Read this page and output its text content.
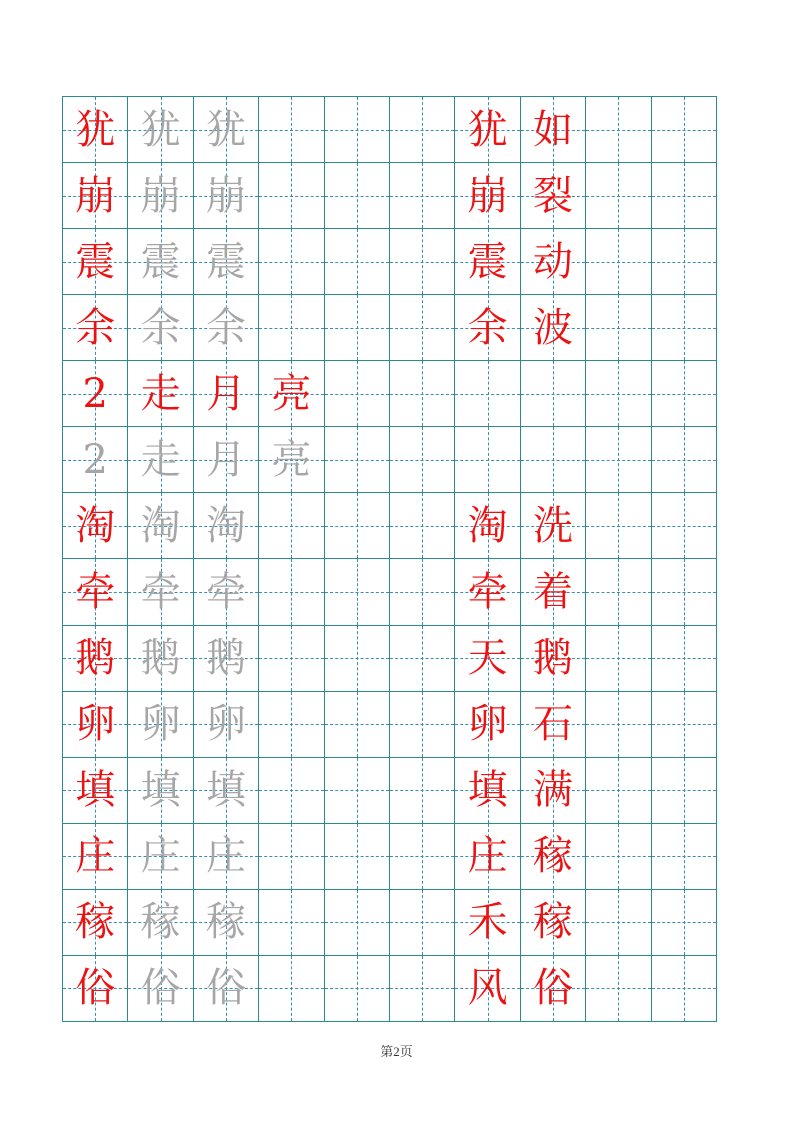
犹 犹 犹	犹 如
崩 崩 崩	崩 裂
震 震 震	震 动
余 余 余	余 波
2 走 月 亮
2 走 月 亮
淘 淘 淘	淘 洗
牵 牵 牵	牵 着
鹅 鹅 鹅	天 鹅
卵 卵 卵	卵 石
填 填 填	填 满
庄 庄 庄	庄 稼
稼 稼 稼	禾 稼
俗 俗 俗	风 俗
第2页
